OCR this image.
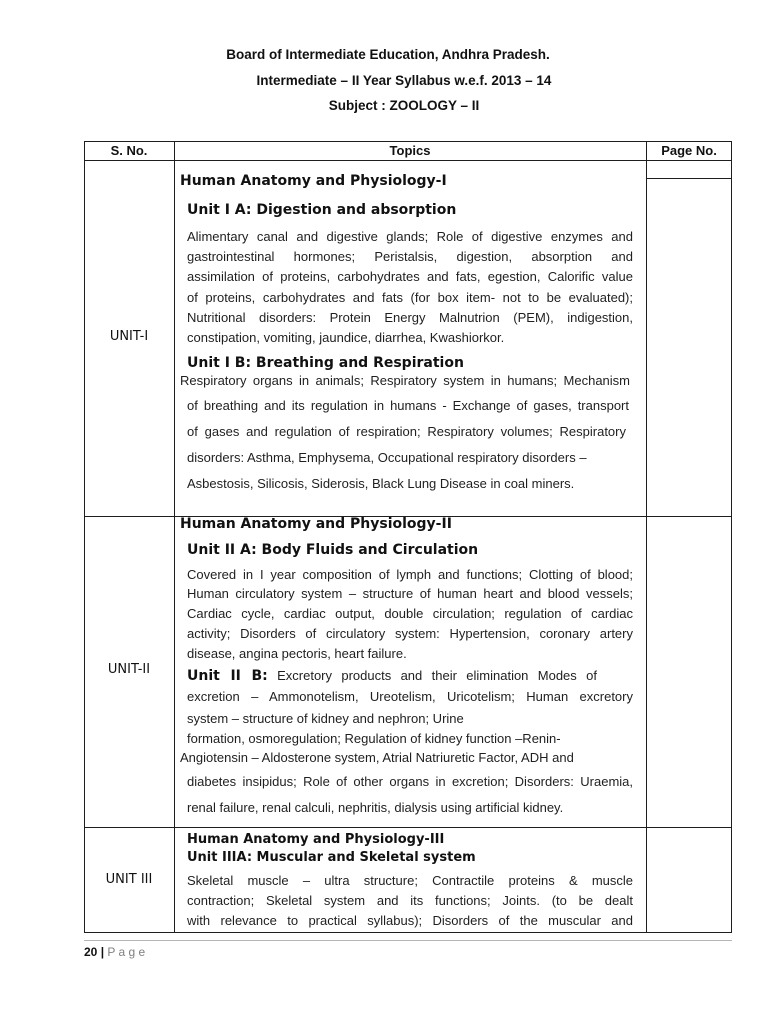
Board of Intermediate Education, Andhra Pradesh.
Intermediate – II Year Syllabus w.e.f. 2013 – 14
Subject : ZOOLOGY – II
S. No.	Topics	Page No.
UNIT-I
Human Anatomy and Physiology-I
Unit I A: Digestion and absorption
Alimentary canal and digestive glands; Role of digestive enzymes and
gastrointestinal hormones; Peristalsis, digestion, absorption and
assimilation of proteins, carbohydrates and fats, egestion, Calorific value
of proteins, carbohydrates and fats (for box item- not to be evaluated);
Nutritional disorders: Protein Energy Malnutrion (PEM), indigestion,
constipation, vomiting, jaundice, diarrhea, Kwashiorkor.
Unit I B: Breathing and Respiration
Respiratory organs in animals; Respiratory system in humans; Mechanism
of breathing and its regulation in humans - Exchange of gases, transport
of gases and regulation of respiration; Respiratory volumes; Respiratory
disorders: Asthma, Emphysema, Occupational respiratory disorders –
Asbestosis, Silicosis, Siderosis, Black Lung Disease in coal miners.
UNIT-II
Human Anatomy and Physiology-II
Unit II A: Body Fluids and Circulation
Covered in I year composition of lymph and functions; Clotting of blood;
Human circulatory system – structure of human heart and blood vessels;
Cardiac cycle, cardiac output, double circulation; regulation of cardiac
activity; Disorders of circulatory system: Hypertension, coronary artery
disease, angina pectoris, heart failure.
Unit II B: Excretory products and their elimination Modes of
excretion – Ammonotelism, Ureotelism, Uricotelism; Human excretory
system – structure of kidney and nephron; Urine
formation, osmoregulation; Regulation of kidney function –Renin-
Angiotensin – Aldosterone system, Atrial Natriuretic Factor, ADH and
diabetes insipidus; Role of other organs in excretion; Disorders: Uraemia,
renal failure, renal calculi, nephritis, dialysis using artificial kidney.
UNIT III
Human Anatomy and Physiology-III
Unit IIIA: Muscular and Skeletal system
Skeletal muscle – ultra structure; Contractile proteins & muscle
contraction; Skeletal system and its functions; Joints. (to be dealt
with relevance to practical syllabus); Disorders of the muscular and
20 | P a g e
